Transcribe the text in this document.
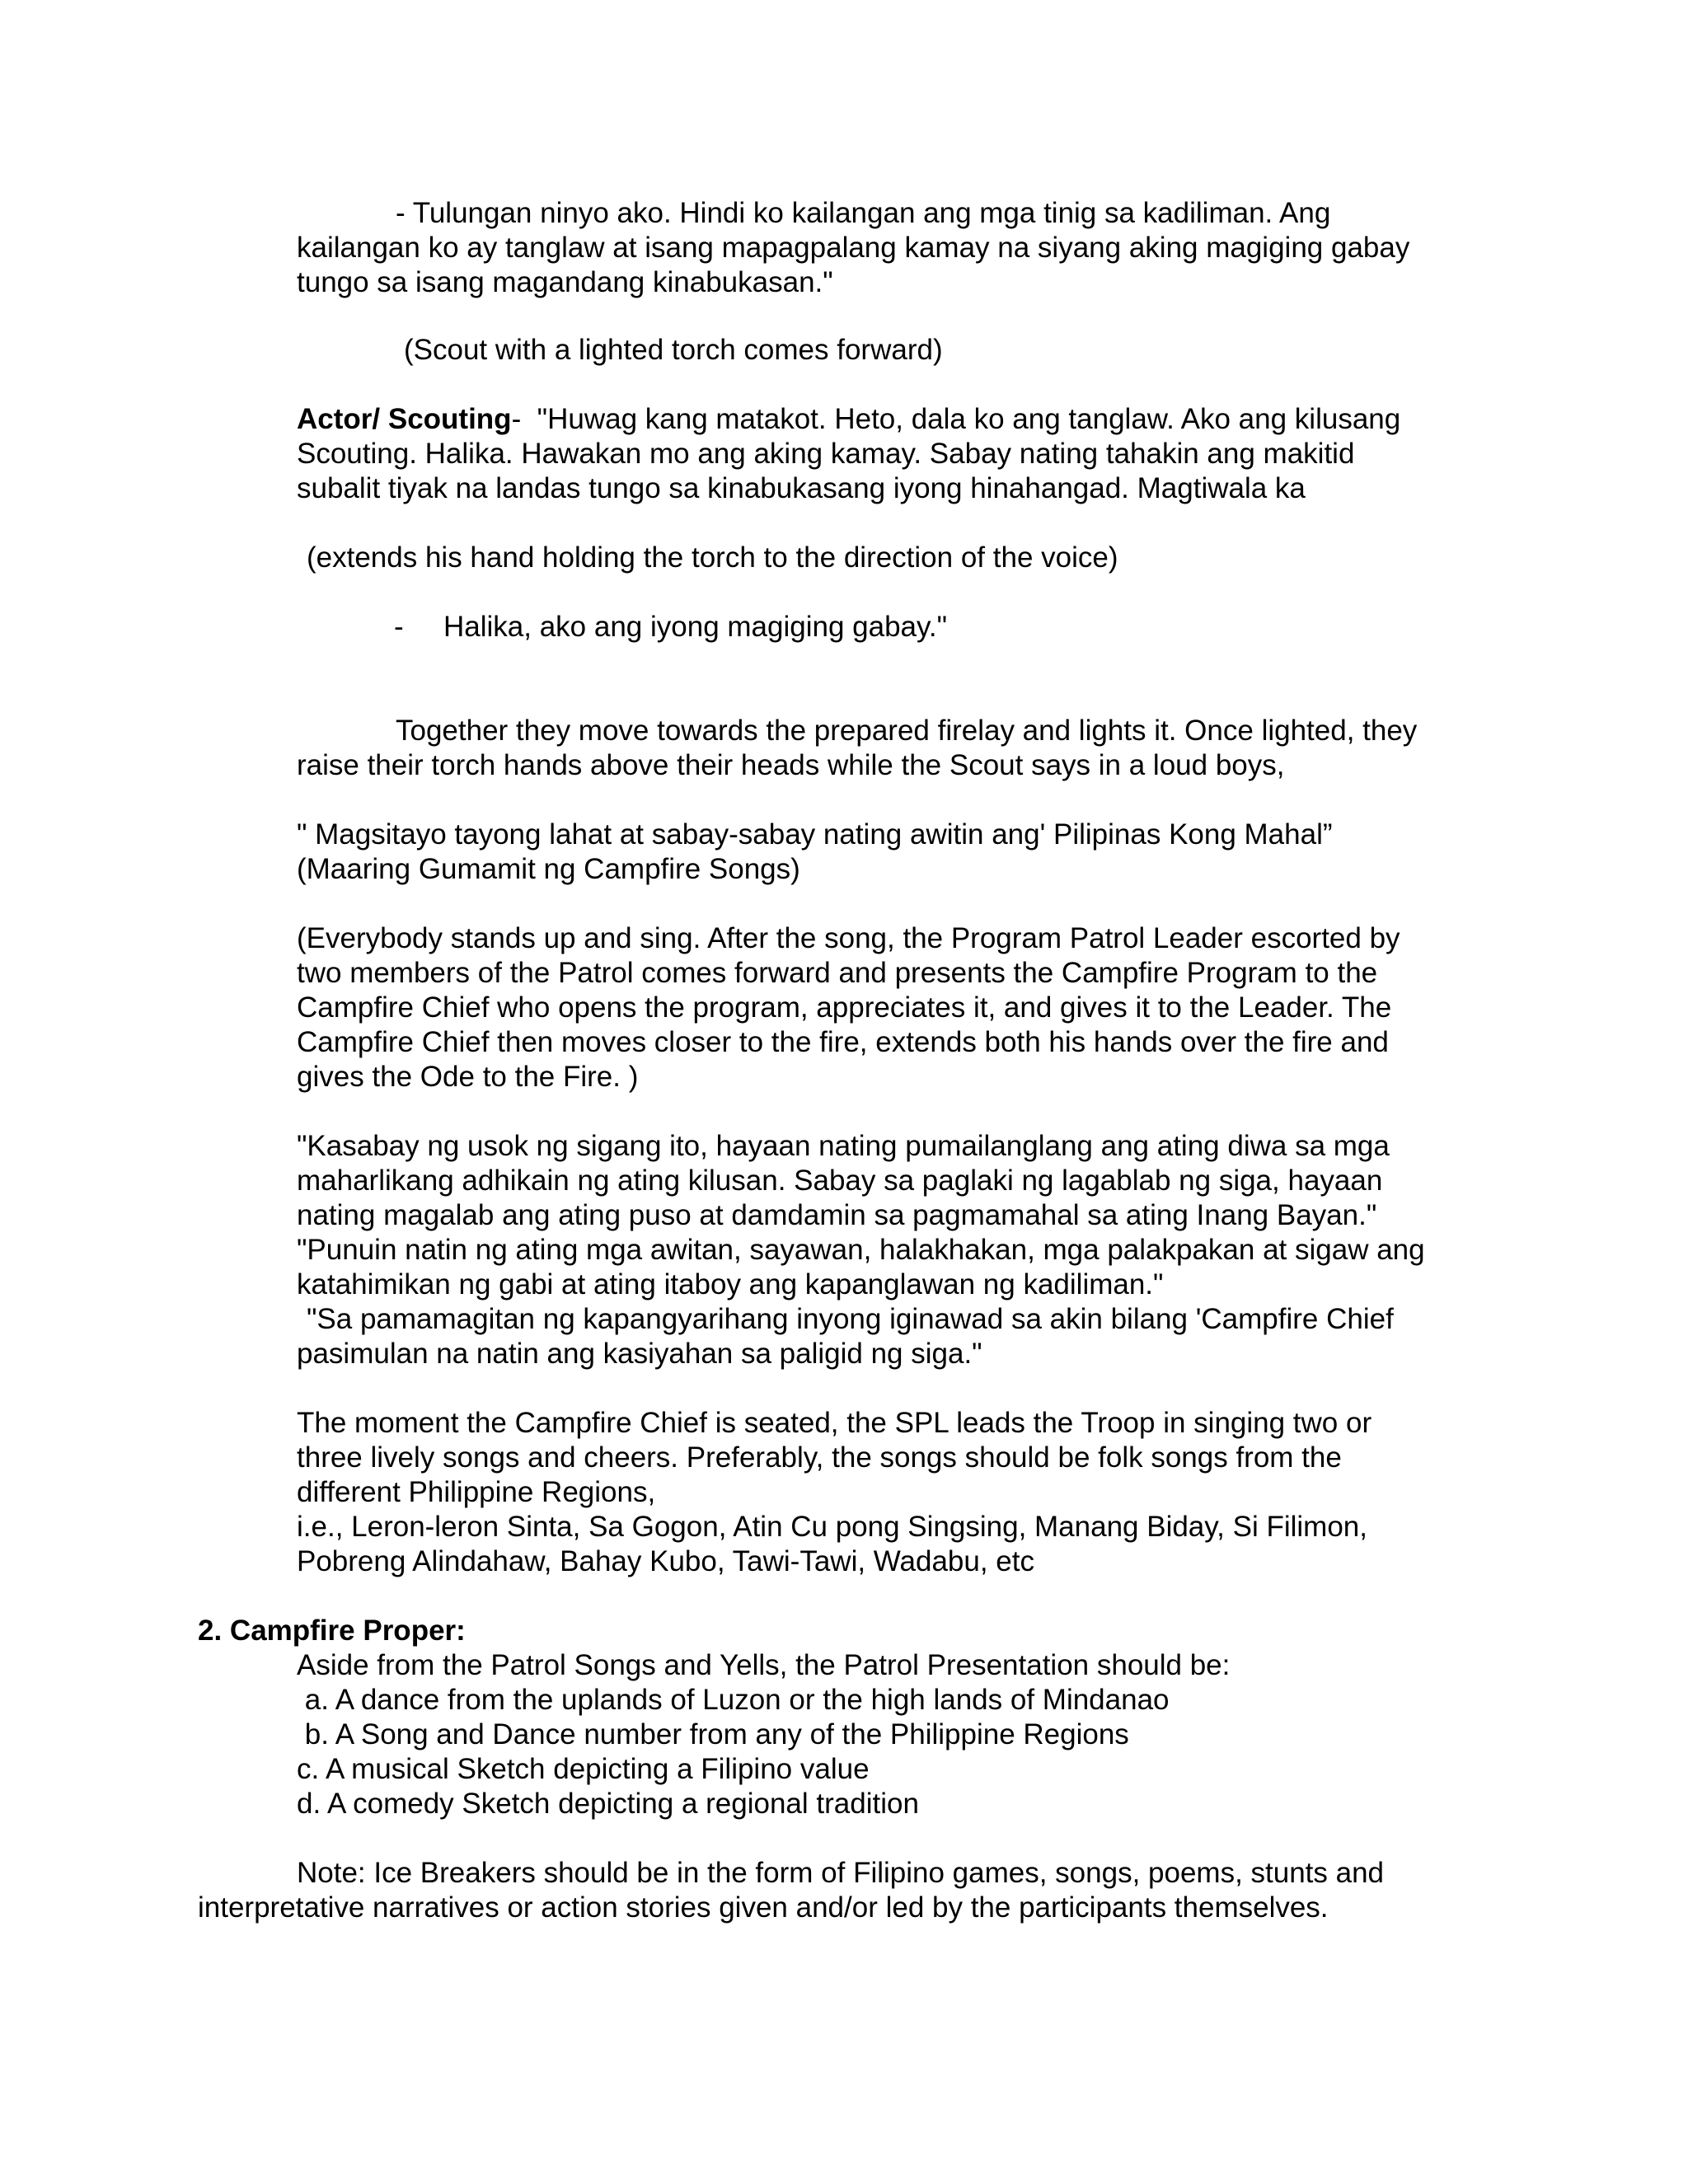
- Tulungan ninyo ako. Hindi ko kailangan ang mga tinig sa kadiliman. Ang
kailangan ko ay tanglaw at isang mapagpalang kamay na siyang aking magiging gabay
tungo sa isang magandang kinabukasan."
(Scout with a lighted torch comes forward)
Actor/ Scouting-  "Huwag kang matakot. Heto, dala ko ang tanglaw. Ako ang kilusang
Scouting. Halika. Hawakan mo ang aking kamay. Sabay nating tahakin ang makitid
subalit tiyak na landas tungo sa kinabukasang iyong hinahangad. Magtiwala ka
(extends his hand holding the torch to the direction of the voice)
- Halika, ako ang iyong magiging gabay."
Together they move towards the prepared firelay and lights it. Once lighted, they
raise their torch hands above their heads while the Scout says in a loud boys,
" Magsitayo tayong lahat at sabay-sabay nating awitin ang' Pilipinas Kong Mahal”
(Maaring Gumamit ng Campfire Songs)
(Everybody stands up and sing. After the song, the Program Patrol Leader escorted by
two members of the Patrol comes forward and presents the Campfire Program to the
Campfire Chief who opens the program, appreciates it, and gives it to the Leader. The
Campfire Chief then moves closer to the fire, extends both his hands over the fire and
gives the Ode to the Fire. )
"Kasabay ng usok ng sigang ito, hayaan nating pumailanglang ang ating diwa sa mga
maharlikang adhikain ng ating kilusan. Sabay sa paglaki ng lagablab ng siga, hayaan
nating magalab ang ating puso at damdamin sa pagmamahal sa ating Inang Bayan."
"Punuin natin ng ating mga awitan, sayawan, halakhakan, mga palakpakan at sigaw ang
katahimikan ng gabi at ating itaboy ang kapanglawan ng kadiliman."
"Sa pamamagitan ng kapangyarihang inyong iginawad sa akin bilang 'Campfire Chief
pasimulan na natin ang kasiyahan sa paligid ng siga."
The moment the Campfire Chief is seated, the SPL leads the Troop in singing two or
three lively songs and cheers. Preferably, the songs should be folk songs from the
different Philippine Regions,
i.e., Leron-leron Sinta, Sa Gogon, Atin Cu pong Singsing, Manang Biday, Si Filimon,
Pobreng Alindahaw, Bahay Kubo, Tawi-Tawi, Wadabu, etc
2. Campfire Proper:
Aside from the Patrol Songs and Yells, the Patrol Presentation should be:
a. A dance from the uplands of Luzon or the high lands of Mindanao
b. A Song and Dance number from any of the Philippine Regions
c. A musical Sketch depicting a Filipino value
d. A comedy Sketch depicting a regional tradition
Note: Ice Breakers should be in the form of Filipino games, songs, poems, stunts and
interpretative narratives or action stories given and/or led by the participants themselves.
